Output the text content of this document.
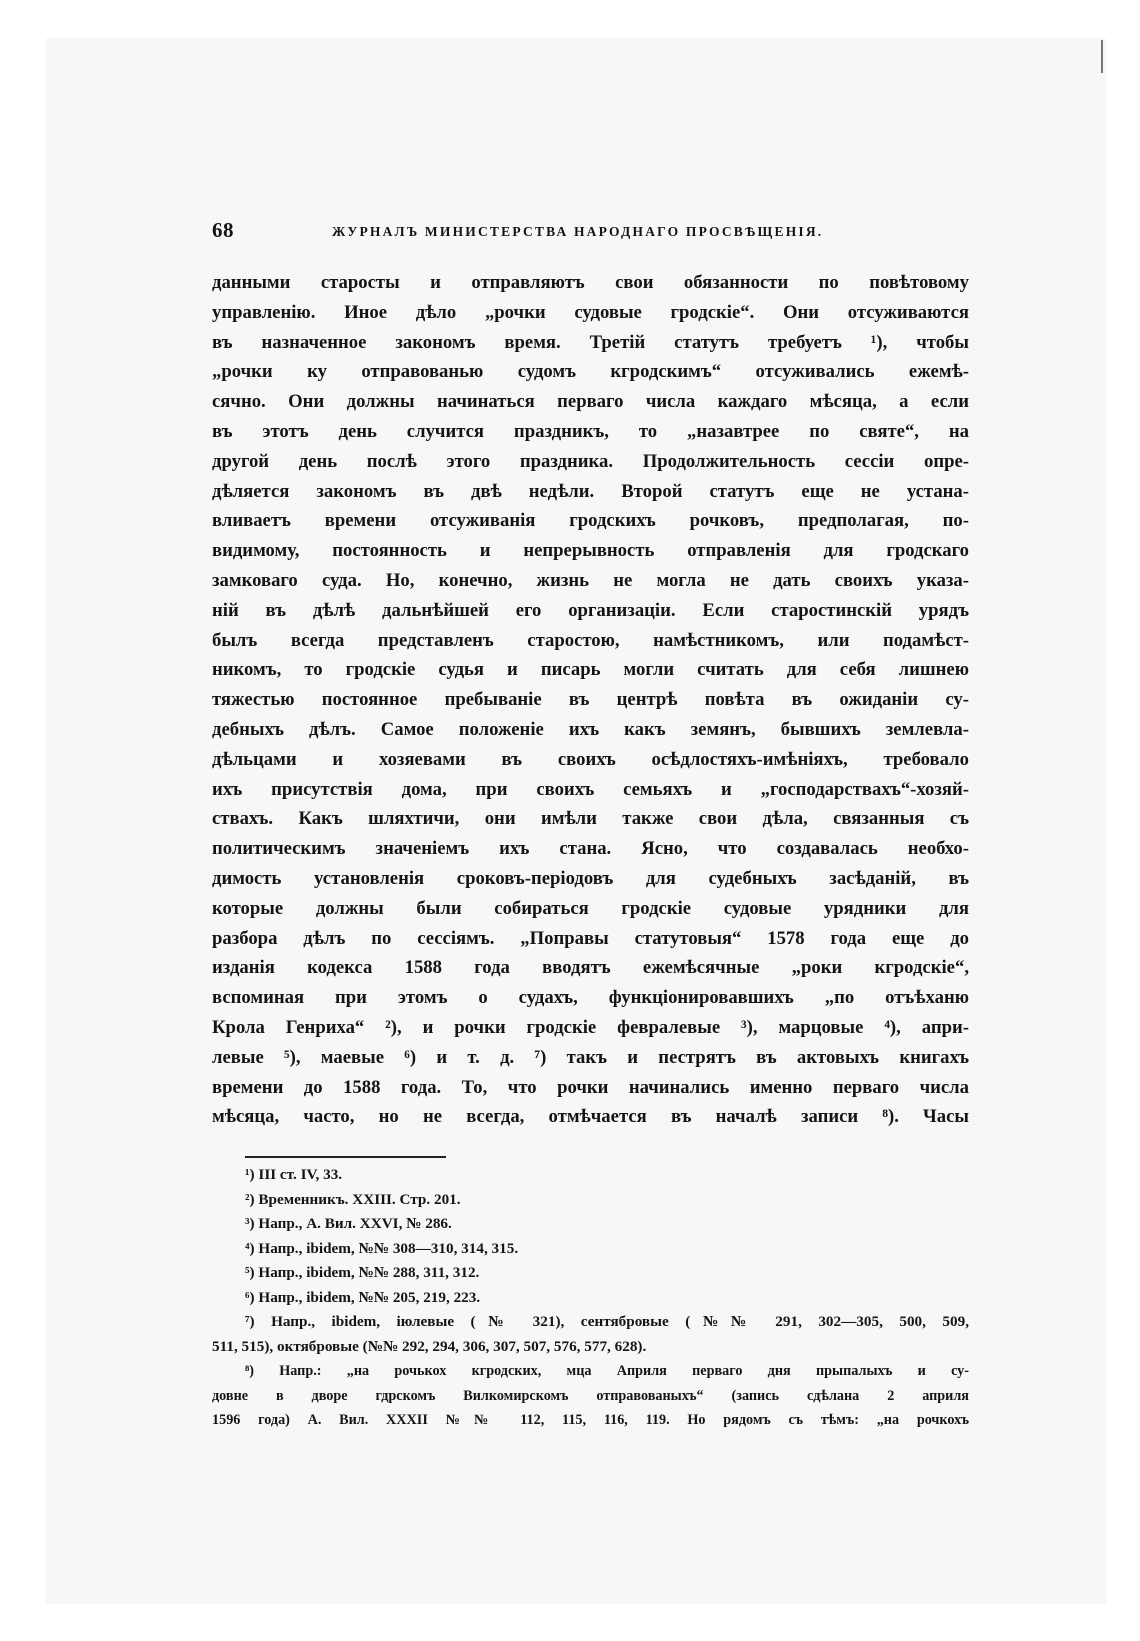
68	ЖУРНАЛЪ МИНИСТЕРСТВА НАРОДНАГО ПРОСВѢЩЕНІЯ.
данными старосты и отправляютъ свои обязанности по повѣтовому
управленію. Иное дѣло „рочки судовые гродскіе“. Они отсуживаются
въ назначенное закономъ время. Третій статутъ требуетъ ¹), чтобы
„рочки ку отправованью судомъ кгродскимъ“ отсуживались ежемѣ-
сячно. Они должны начинаться перваго числа каждаго мѣсяца, а если
въ этотъ день случится праздникъ, то „назавтрее по святе“, на
другой день послѣ этого праздника. Продолжительность сессіи опре-
дѣляется закономъ въ двѣ недѣли. Второй статутъ еще не устана-
вливаетъ времени отсуживанія гродскихъ рочковъ, предполагая, по-
видимому, постоянность и непрерывность отправленія для гродскаго
замковаго суда. Но, конечно, жизнь не могла не дать своихъ указа-
ній въ дѣлѣ дальнѣйшей его организаціи. Если старостинскій урядъ
былъ всегда представленъ старостою, намѣстникомъ, или подамѣст-
никомъ, то гродскіе судья и писарь могли считать для себя лишнею
тяжестью постоянное пребываніе въ центрѣ повѣта въ ожиданіи су-
дебныхъ дѣлъ. Самое положеніе ихъ какъ земянъ, бывшихъ землевла-
дѣльцами и хозяевами въ своихъ осѣдлостяхъ-имѣніяхъ, требовало
ихъ присутствія дома, при своихъ семьяхъ и „господарствахъ“-хозяй-
ствахъ. Какъ шляхтичи, они имѣли также свои дѣла, связанныя съ
политическимъ значеніемъ ихъ стана. Ясно, что создавалась необхо-
димость установленія сроковъ-періодовъ для судебныхъ засѣданій, въ
которые должны были собираться гродскіе судовые урядники для
разбора дѣлъ по сессіямъ. „Поправы статутовыя“ 1578 года еще до
изданія кодекса 1588 года вводятъ ежемѣсячные „роки кгродскіе“,
вспоминая при этомъ о судахъ, функціонировавшихъ „по отъѣханю
Крола Генриха“ ²), и рочки гродскіе февралевые ³), марцовые ⁴), апри-
левые ⁵), маевые ⁶) и т. д. ⁷) такъ и пестрятъ въ актовыхъ книгахъ
времени до 1588 года. То, что рочки начинались именно перваго числа
мѣсяца, часто, но не всегда, отмѣчается въ началѣ записи ⁸). Часы
¹) III ст. IV, 33.
²) Временникъ. XXIII. Стр. 201.
³) Напр., А. Вил. XXVI, № 286.
⁴) Напр., ibidem, №№ 308—310, 314, 315.
⁵) Напр., ibidem, №№ 288, 311, 312.
⁶) Напр., ibidem, №№ 205, 219, 223.
⁷) Напр., ibidem, іюлевые (№ 321), сентябровые (№№ 291, 302—305, 500, 509,
511, 515), октябровые (№№ 292, 294, 306, 307, 507, 576, 577, 628).
⁸) Напр.: „на рочькох кгродских, мца Априля перваго дня прыпалыхъ и су-
довне в дворе гдрскомъ Вилкомирскомъ отправованыхъ“ (запись сдѣлана 2 априля
1596 года) А. Вил. XXXII №№ 112, 115, 116, 119. Но рядомъ съ тѣмъ: „на рочкохъ
